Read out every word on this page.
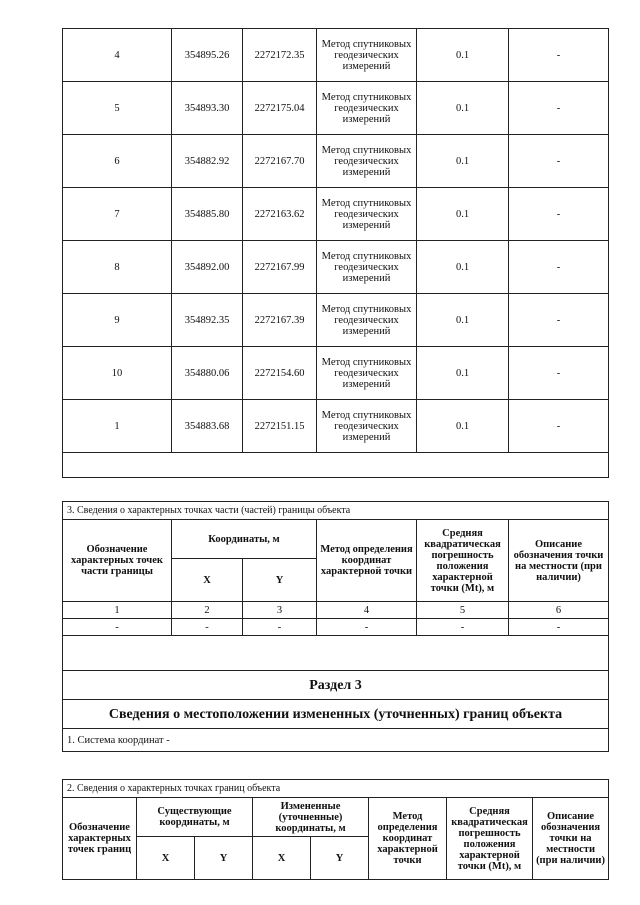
4	354895.26	2272172.35	Метод спутниковых геодезических измерений	0.1	-
5	354893.30	2272175.04	Метод спутниковых геодезических измерений	0.1	-
6	354882.92	2272167.70	Метод спутниковых геодезических измерений	0.1	-
7	354885.80	2272163.62	Метод спутниковых геодезических измерений	0.1	-
8	354892.00	2272167.99	Метод спутниковых геодезических измерений	0.1	-
9	354892.35	2272167.39	Метод спутниковых геодезических измерений	0.1	-
10	354880.06	2272154.60	Метод спутниковых геодезических измерений	0.1	-
1	354883.68	2272151.15	Метод спутниковых геодезических измерений	0.1	-

3. Сведения о характерных точках части (частей) границы объекта					
Обозначение характерных точек части границы	Координаты, м		Метод определения координат характерной точки	Средняя квадратическая погрешность положения характерной точки (Mt), м	Описание обозначения точки на местности (при наличии)
	X	Y			
1	2	3	4	5	6
-	-	-	-	-	-

Раздел 3					
Сведения о местоположении измененных (уточненных) границ объекта					
1. Система координат -					
2. Сведения о характерных точках границ объекта							
Обозначение характерных точек границ	Существующие координаты, м		Измененные (уточненные) координаты, м		Метод определения координат характерной точки	Средняя квадратическая погрешность положения характерной точки (Mt), м	Описание обозначения точки на местности (при наличии)
	X	Y	X	Y			
